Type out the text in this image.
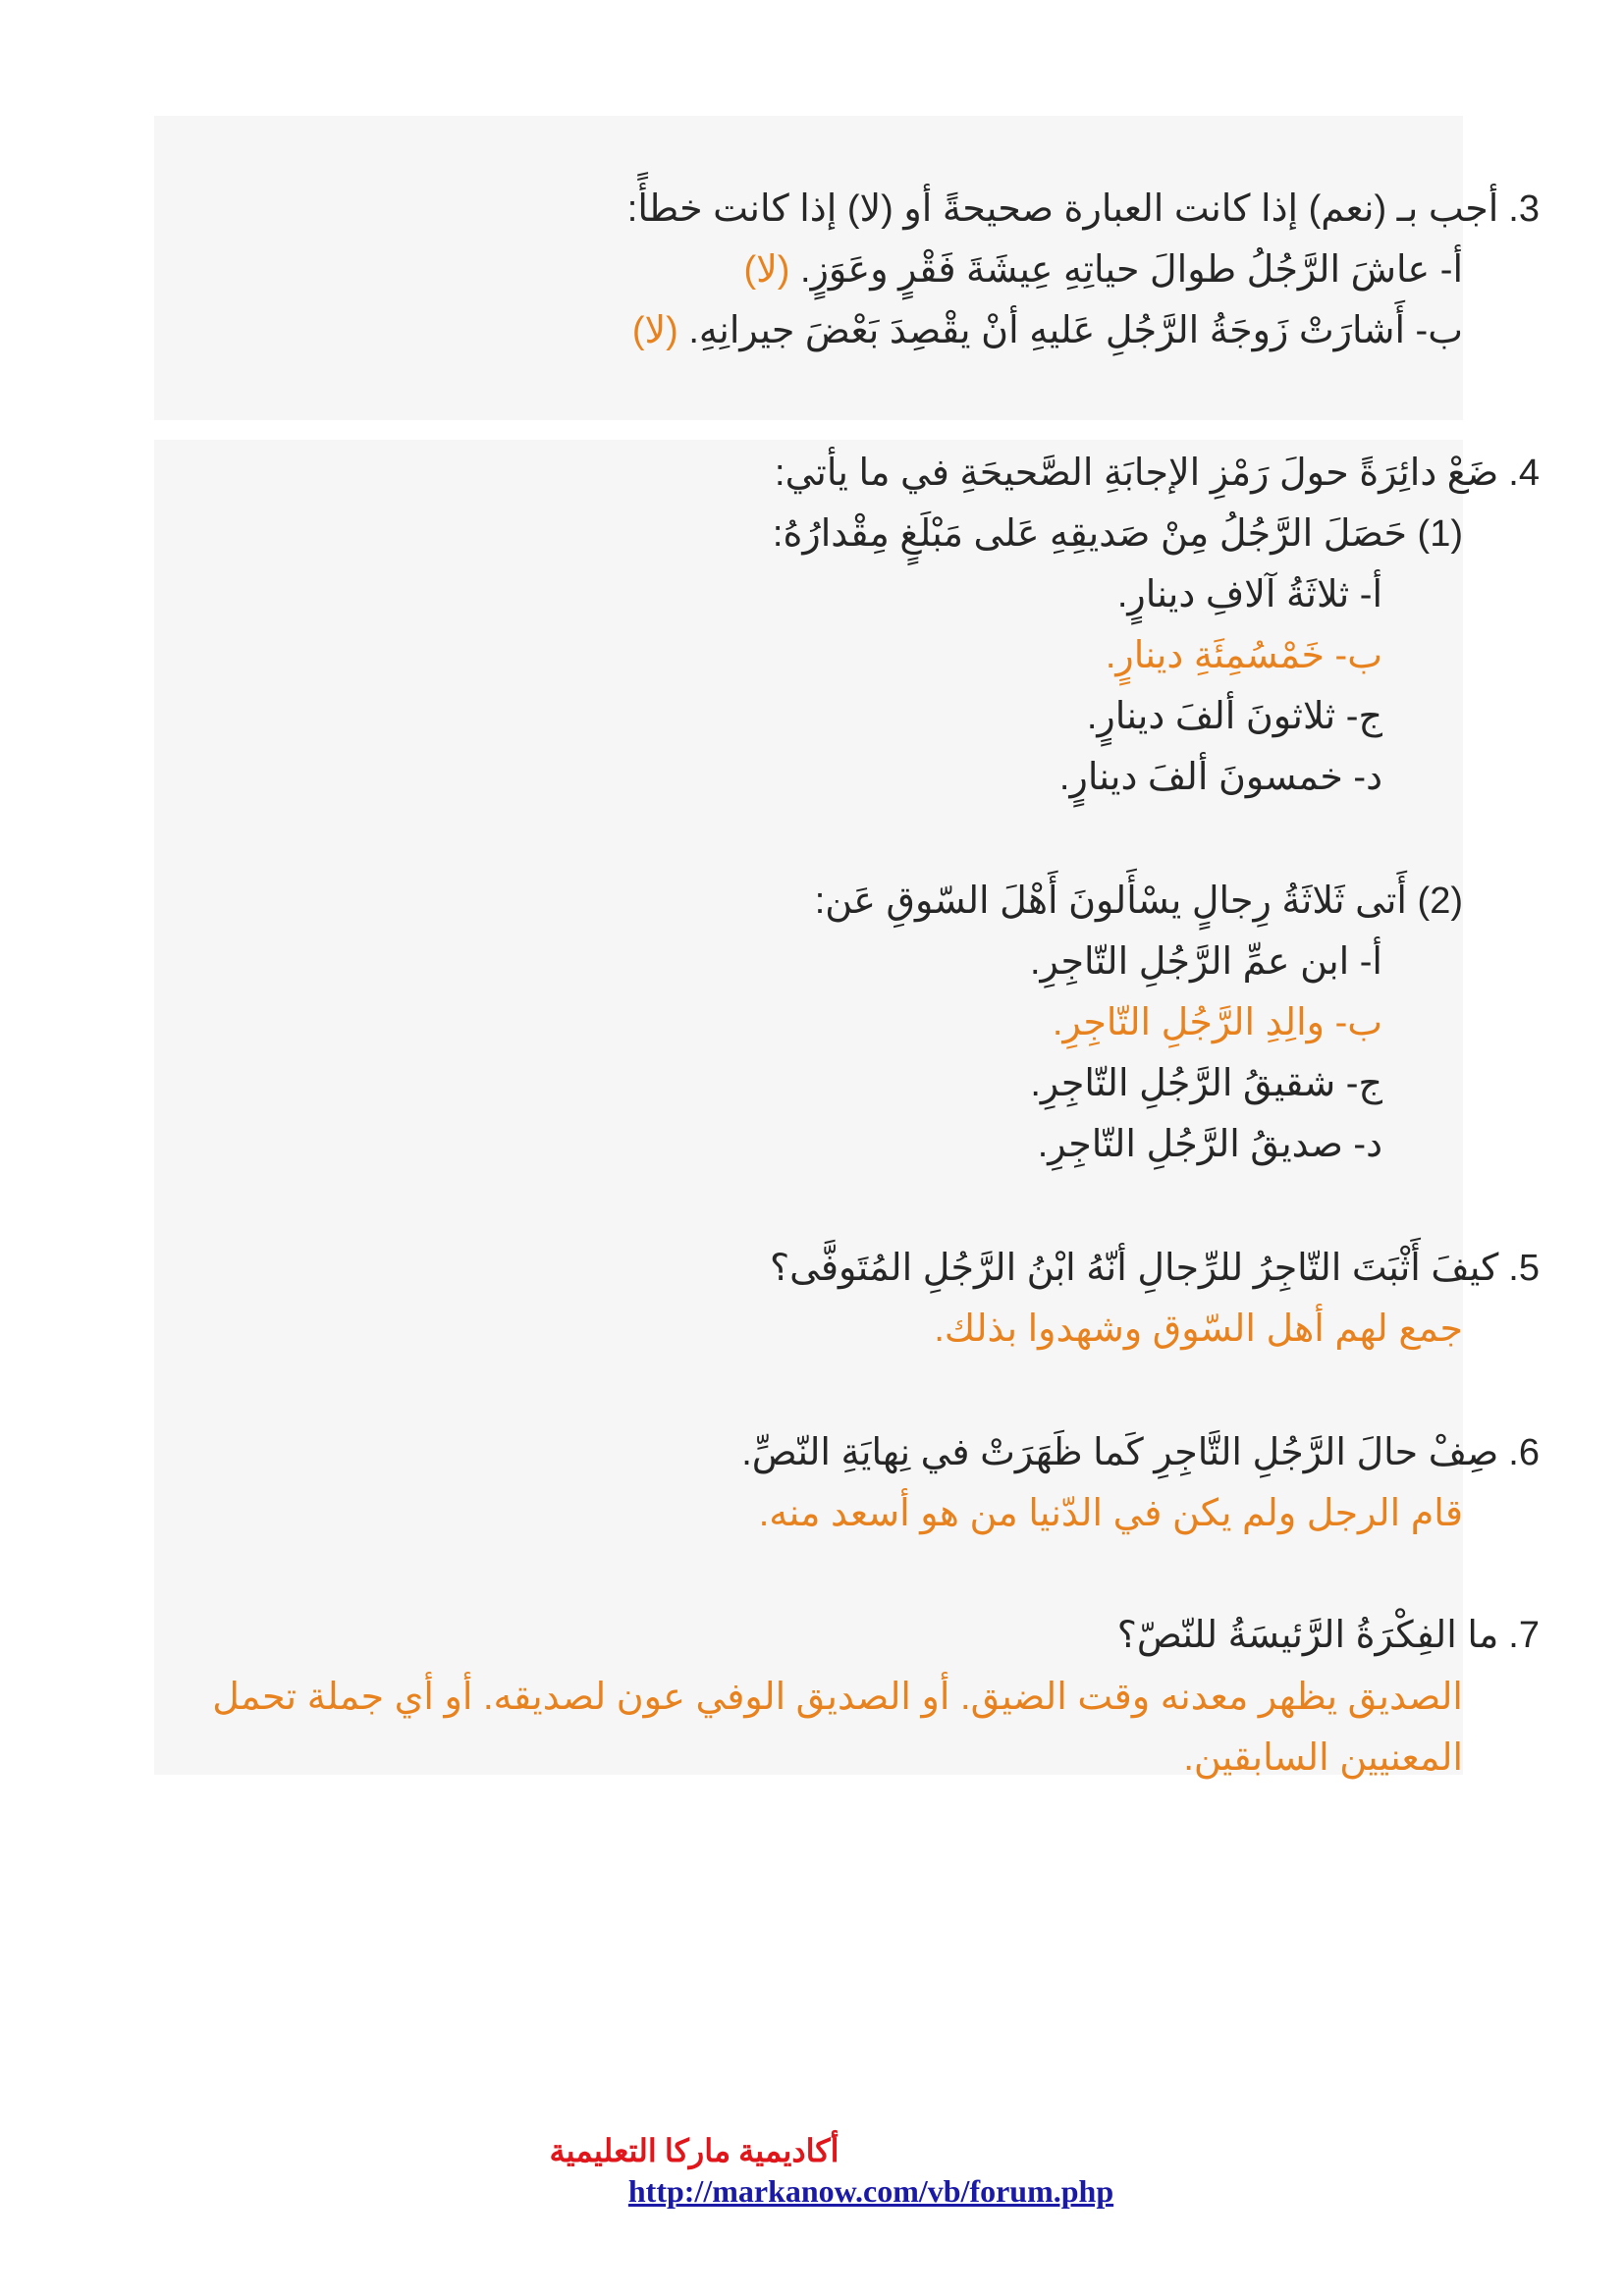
.3أجب بـ (نعم) إذا كانت العبارة صحيحةً أو (لا) إذا كانت خطأً:
أ- عاشَ الرَّجُلُ طوالَ حياتِهِ عِيشَةَ فَقْرٍ وعَوَزٍ. (لا)
ب- أَشارَتْ زَوجَةُ الرَّجُلِ عَليهِ أنْ يقْصِدَ بَعْضَ جيرانِهِ. (لا)
.4ضَعْ دائِرَةً حولَ رَمْزِ الإجابَةِ الصَّحيحَةِ في ما يأتي:
(1) حَصَلَ الرَّجُلُ مِنْ صَديقِهِ عَلى مَبْلَغٍ مِقْدارُهُ:
أ- ثلاثَةُ آلافِ دينارٍ.
ب- خَمْسُمِئَةِ دينارٍ.
ج- ثلاثونَ ألفَ دينارٍ.
د- خمسونَ ألفَ دينارٍ.
(2) أَتى ثَلاثَةُ رِجالٍ يسْأَلونَ أَهْلَ السّوقِ عَن:
أ- ابن عمِّ الرَّجُلِ التّاجِرِ.
ب- والِدِ الرَّجُلِ التّاجِرِ.
ج- شقيقُ الرَّجُلِ التّاجِرِ.
د- صديقُ الرَّجُلِ التّاجِرِ.
.5كيفَ أَثْبَتَ التّاجِرُ للرِّجالِ أنّهُ ابْنُ الرَّجُلِ المُتَوفَّى؟
جمع لهم أهل السّوق وشهدوا بذلك.
.6صِفْ حالَ الرَّجُلِ التَّاجِرِ كَما ظَهَرَتْ في نِهايَةِ النّصِّ.
قام الرجل ولم يكن في الدّنيا من هو أسعد منه.
.7ما الفِكْرَةُ الرَّئيسَةُ للنّصّ؟
الصديق يظهر معدنه وقت الضيق. أو الصديق الوفي عون لصديقه. أو أي جملة تحمل المعنيين السابقين.
أكاديمية ماركا التعليمية
http://markanow.com/vb/forum.php
